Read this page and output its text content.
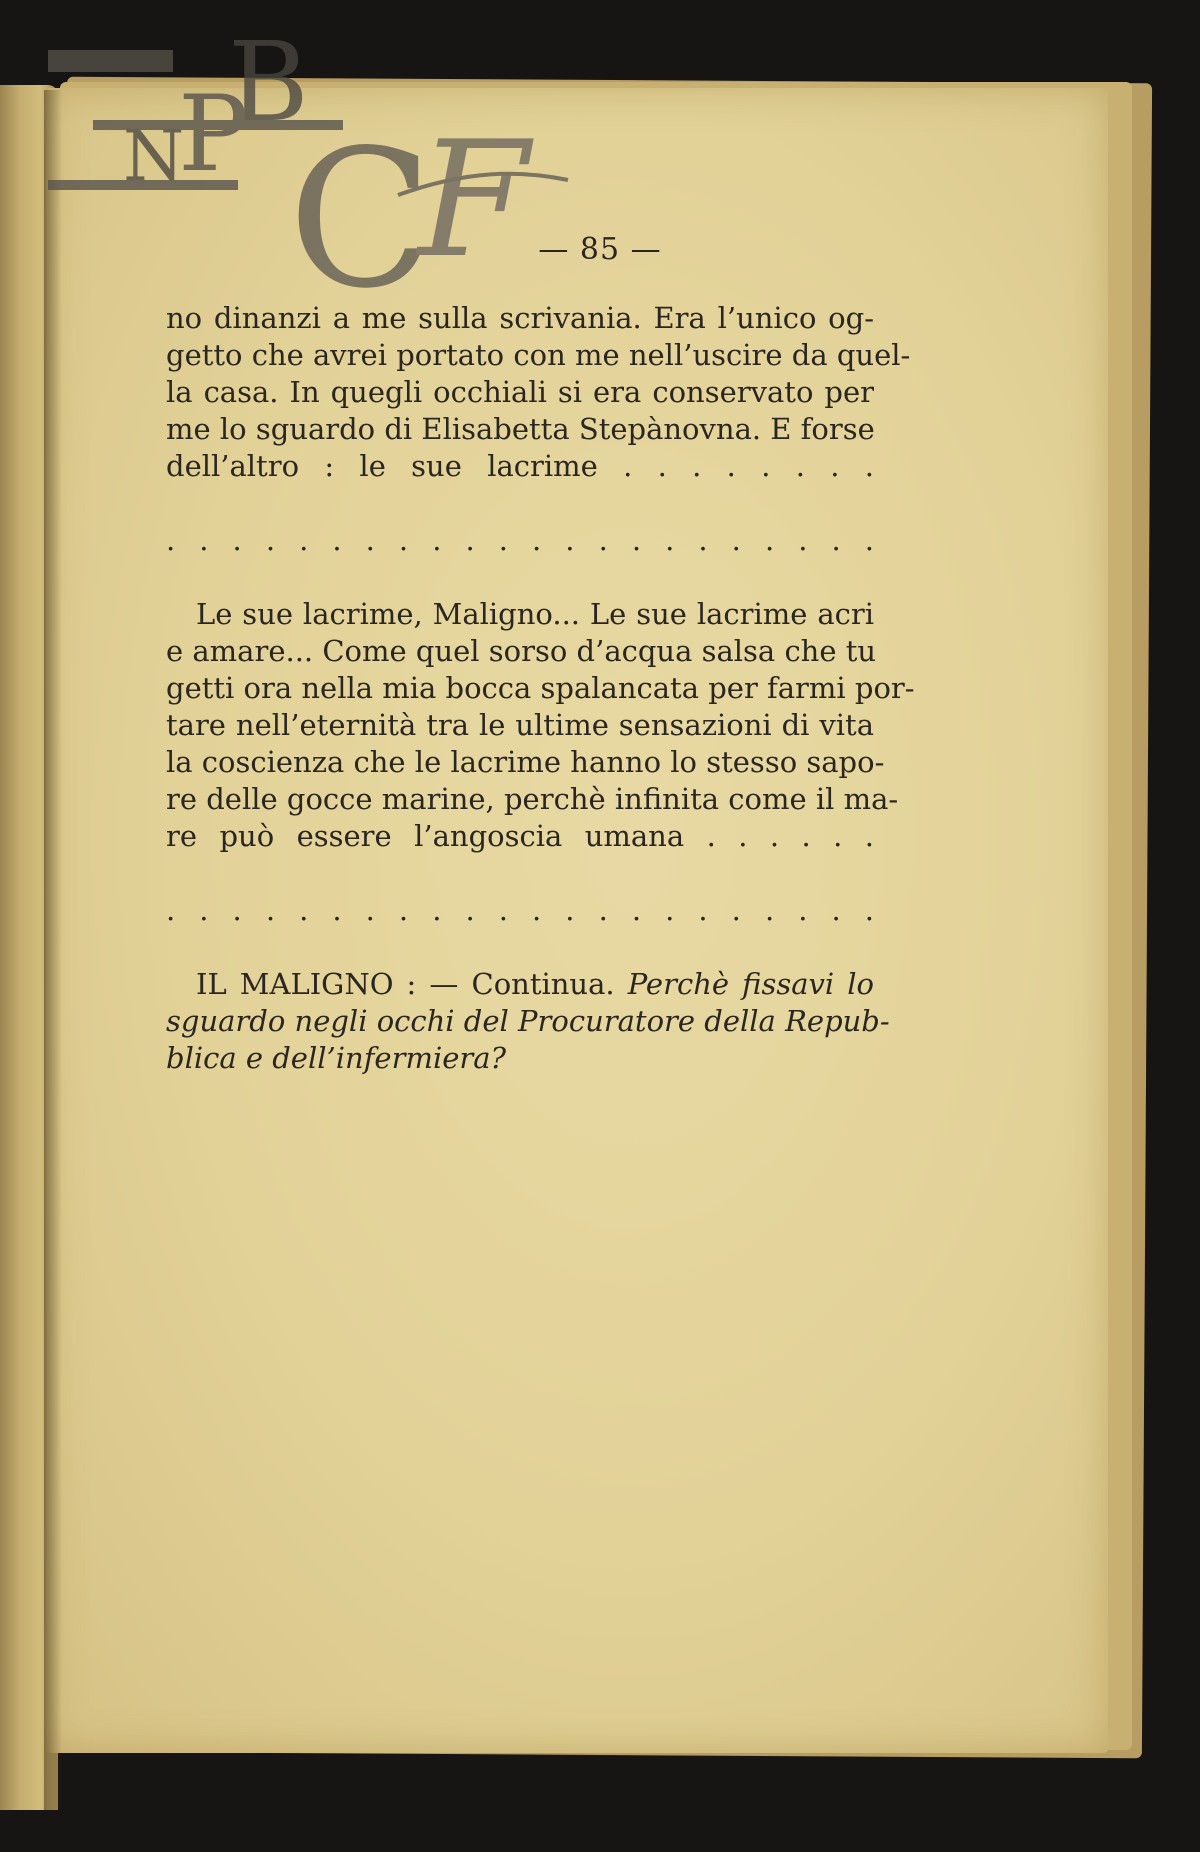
B
N
P C
F — 85 —
no dinanzi a me sulla scrivania. Era l’unico og-
getto che avrei portato con me nell’uscire da quel-
la casa. In quegli occhiali si era conservato per
me lo sguardo di Elisabetta Stepànovna. E forse
dell’altro : le sue lacrime . . . . . . . .
. . . . . . . . . . . . . . . . . . . . . .
Le sue lacrime, Maligno... Le sue lacrime acri
e amare... Come quel sorso d’acqua salsa che tu
getti ora nella mia bocca spalancata per farmi por-
tare nell’eternità tra le ultime sensazioni di vita
la coscienza che le lacrime hanno lo stesso sapo-
re delle gocce marine, perchè infinita come il ma-
re può essere l’angoscia umana . . . . . .
. . . . . . . . . . . . . . . . . . . . . .
IL MALIGNO : — Continua. Perchè fissavi lo
sguardo negli occhi del Procuratore della Repub-
blica e dell’infermiera?
